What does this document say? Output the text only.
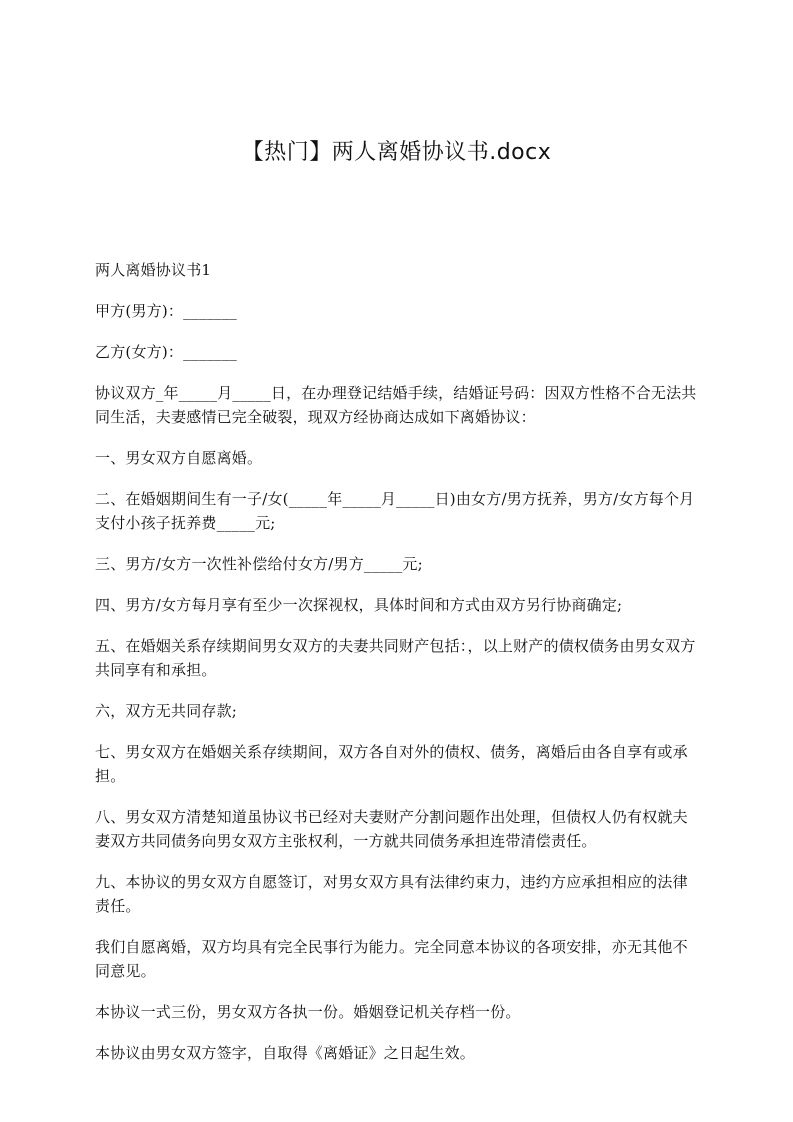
【热门】两人离婚协议书.docx

两人离婚协议书1

甲方(男方)：_______

乙方(女方)：_______

协议双方_年_____月_____日，在办理登记结婚手续，结婚证号码：因双方性格不合无法共同生活，夫妻感情已完全破裂，现双方经协商达成如下离婚协议：

一、男女双方自愿离婚。

二、在婚姻期间生有一子/女(_____年_____月_____日)由女方/男方抚养，男方/女方每个月支付小孩子抚养费_____元;

三、男方/女方一次性补偿给付女方/男方_____元;

四、男方/女方每月享有至少一次探视权，具体时间和方式由双方另行协商确定;

五、在婚姻关系存续期间男女双方的夫妻共同财产包括：，以上财产的债权债务由男女双方共同享有和承担。

六，双方无共同存款;

七、男女双方在婚姻关系存续期间，双方各自对外的债权、债务，离婚后由各自享有或承担。

八、男女双方清楚知道虽协议书已经对夫妻财产分割问题作出处理，但债权人仍有权就夫妻双方共同债务向男女双方主张权利，一方就共同债务承担连带清偿责任。

九、本协议的男女双方自愿签订，对男女双方具有法律约束力，违约方应承担相应的法律责任。

我们自愿离婚，双方均具有完全民事行为能力。完全同意本协议的各项安排，亦无其他不同意见。

本协议一式三份，男女双方各执一份。婚姻登记机关存档一份。

本协议由男女双方签字，自取得《离婚证》之日起生效。
